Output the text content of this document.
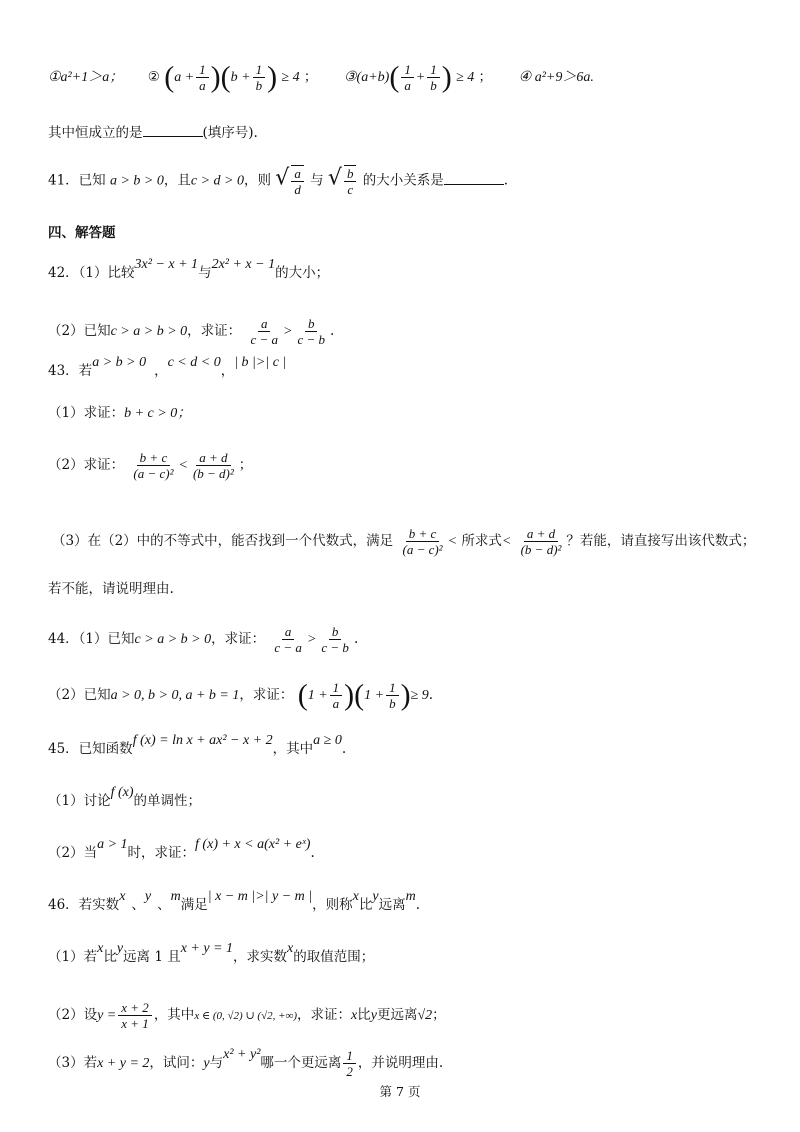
①a²+1＞a； ② $(a + \frac{1}{a} )(b + \frac{1}{b}$ ) ≥ 4 ； ③(a+b)( $\frac{1}{a} + \frac{1}{b}$ ) ≥ 4 ； ④ a²+9＞6a.
其中恒成立的是	(填序号).
41．已知 a > b > 0，且c > d > 0，则 √ $\frac{a}{d}$ 与 √ $\frac{b}{c}$ 的大小关系是	.
四、解答题
42．（1）比较3x² − x + 1与2x² + x − 1的大小；
（2）已知c > a > b > 0，求证： $\frac{a}{c - a} > \frac{b}{c - b}$ .
43．若a > b > 0，c < d < 0，| b |>| c |
（1）求证：b + c > 0；
（2）求证： $\frac{b + c}{\text{(a − c)²}} < \frac{a + d}{\text{(b − d)²}}$ ；
（3）在（2）中的不等式中，能否找到一个代数式，满足 $\frac{b + c}{\text{(a − c)²}}$ < 所求式< $\frac{a + d}{\text{(b − d)²}}$ ？若能，请直接写出该代数式；
若不能，请说明理由.
44．（1）已知c > a > b > 0，求证： $\frac{a}{c - a} > \frac{b}{c - b}$ .
（2）已知a > 0, b > 0, a + b = 1，求证： $(1 + \frac{1}{a} )(1 + \frac{1}{b}$ )≥ 9.
45．已知函数f (x) = ln x + ax² − x + 2，其中a ≥ 0.
（1）讨论f (x)的单调性；
（2）当a > 1时，求证：f (x) + x < a(x² + eˣ).
46．若实数x、y、m满足| x − m |>| y − m |，则称x比y远离m.
（1）若x比y远离 1 且x + y = 1，求实数x的取值范围；
（2）设$y = \frac{x + 2}{x + 1}$ ，其中x ∈ (0, √2) ∪ (√2, +∞)，求证：x比y更远离√2；
（3）若x + y = 2，试问：y与x² + y²哪一个更远离 $\frac{1}{2}$ ，并说明理由.
第 7 页
